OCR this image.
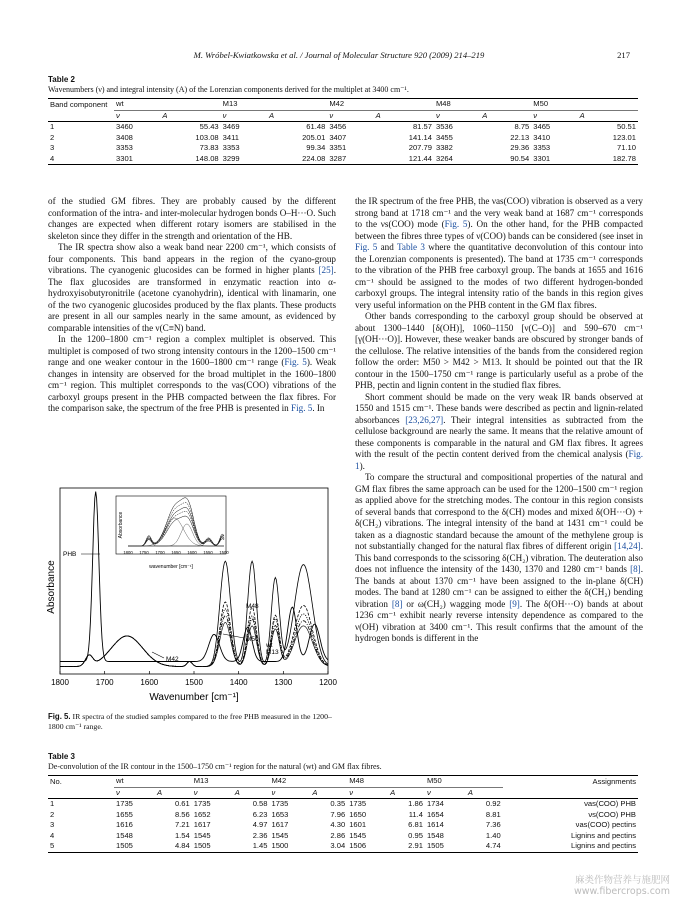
M. Wróbel-Kwiatkowska et al. / Journal of Molecular Structure 920 (2009) 214–219	217
Table 2
Wavenumbers (ν) and integral intensity (A) of the Lorenzian components derived for the multiplet at 3400 cm⁻¹.
Band component	wt		M13		M42		M48		M50	
	ν	A	ν	A	ν	A	ν	A	ν	A
1	3460	55.43	3469	61.48	3456	81.57	3536	8.75	3465	50.51
2	3408	103.08	3411	205.01	3407	141.14	3455	22.13	3410	123.01
3	3353	73.83	3353	99.34	3351	207.79	3382	29.36	3353	71.10
4	3301	148.08	3299	224.08	3287	121.44	3264	90.54	3301	182.78

of the studied GM fibres. They are probably caused by the different conformation of the intra- and inter-molecular hydrogen bonds O–H···O. Such changes are expected when different rotary isomers are stabilised in the skeleton since they differ in the strength and orientation of the HB.

The IR spectra show also a weak band near 2200 cm⁻¹, which consists of four components. This band appears in the region of the cyano-group vibrations. The cyanogenic glucosides can be formed in higher plants [25]. The flax glucosides are transformed in enzymatic reaction into α-hydroxyisobutyronitrile (acetone cyanohydrin), identical with linamarin, one of the two cyanogenic glucosides produced by the flax plants. These products are present in all our samples nearly in the same amount, as evidenced by comparable intensities of the ν(C≡N) band.

In the 1200–1800 cm⁻¹ region a complex multiplet is observed. This multiplet is composed of two strong intensity contours in the 1200–1500 cm⁻¹ range and one weaker contour in the 1600–1800 cm⁻¹ range (Fig. 5). Weak changes in intensity are observed for the broad multiplet in the 1600–1800 cm⁻¹ region. This multiplet corresponds to the νas(COO) vibrations of the carboxyl groups present in the PHB compacted between the flax fibres. For the comparison sake, the spectrum of the free PHB is presented in Fig. 5. In

the IR spectrum of the free PHB, the νas(COO) vibration is observed as a very strong band at 1718 cm⁻¹ and the very weak band at 1687 cm⁻¹ corresponds to the νs(COO) mode (Fig. 5). On the other hand, for the PHB compacted between the fibres three types of ν(COO) bands can be considered (see inset in Fig. 5 and Table 3 where the quantitative deconvolution of this contour into the Lorenzian components is presented). The band at 1735 cm⁻¹ corresponds to the vibration of the PHB free carboxyl group. The bands at 1655 and 1616 cm⁻¹ should be assigned to the modes of two different hydrogen-bonded carboxyl groups. The integral intensity ratio of the bands in this region gives very useful information on the PHB content in the GM flax fibres.

Other bands corresponding to the carboxyl group should be observed at about 1300–1440 [δ(OH)], 1060–1150 [ν(C–O)] and 590–670 cm⁻¹ [γ(OH···O)]. However, these weaker bands are obscured by stronger bands of the cellulose. The relative intensities of the bands from the considered region follow the order: M50 > M42 > M13. It should be pointed out that the IR contour in the 1500–1750 cm⁻¹ range is particularly useful as a probe of the PHB, pectin and lignin content in the studied flax fibres.

Short comment should be made on the very weak IR bands observed at 1550 and 1515 cm⁻¹. These bands were described as pectin and lignin-related absorbances [23,26,27]. Their integral intensities as subtracted from the cellulose background are nearly the same. It means that the relative amount of these components is comparable in the natural and GM flax fibres. It agrees with the result of the pectin content derived from the chemical analysis (Fig. 1).

To compare the structural and compositional properties of the natural and GM flax fibres the same approach can be used for the 1200–1500 cm⁻¹ region as applied above for the stretching modes. The contour in this region consists of several bands that correspond to the δ(CH) modes and mixed δ(OH···O) + δ(CH₂) vibrations. The integral intensity of the band at 1431 cm⁻¹ could be taken as a diagnostic standard because the amount of the methylene group is not substantially changed for the natural flax fibres of different origin [14,24]. This band corresponds to the scissoring δ(CH₂) vibration. The deuteration also does not influence the intensity of the 1430, 1370 and 1280 cm⁻¹ bands [8]. The bands at about 1370 cm⁻¹ have been assigned to the in-plane δ(CH) modes. The band at 1280 cm⁻¹ can be assigned to either the δ(CH₂) bending vibration [8] or ω(CH₂) wagging mode [9]. The δ(OH···O) bands at about 1236 cm⁻¹ exhibit nearly reverse intensity dependence as compared to the ν(OH) vibration at 3400 cm⁻¹. This result confirms that the amount of the hydrogen bonds is different in the

1800	1700	1600	1500	1400	1300	1200
Wavenumber [cm⁻¹]
Absorbance
PHB
M48
M50
wt
M42
M13
Absorbance
wavenumber [cm⁻¹]
1800 1750 1700 1650 1600 1550 1500
Fig. 5. IR spectra of the studied samples compared to the free PHB measured in the 1200–1800 cm⁻¹ range.
Table 3
De-convolution of the IR contour in the 1500–1750 cm⁻¹ region for the natural (wt) and GM flax fibres.
No.	wt		M13		M42		M48		M50		Assignments
	ν	A	ν	A	ν	A	ν	A	ν	A	
1	1735	0.61	1735	0.58	1735	0.35	1735	1.86	1734	0.92	νas(COO) PHB
2	1655	8.56	1652	6.23	1653	7.96	1650	11.4	1654	8.81	νs(COO) PHB
3	1616	7.21	1617	4.97	1617	4.30	1601	6.81	1614	7.36	νas(COO) pectins
4	1548	1.54	1545	2.36	1545	2.86	1545	0.95	1548	1.40	Lignins and pectins
5	1505	4.84	1505	1.45	1500	3.04	1506	2.91	1505	4.74	Lignins and pectins
麻类作物营养与施肥网
www.fibercrops.com
